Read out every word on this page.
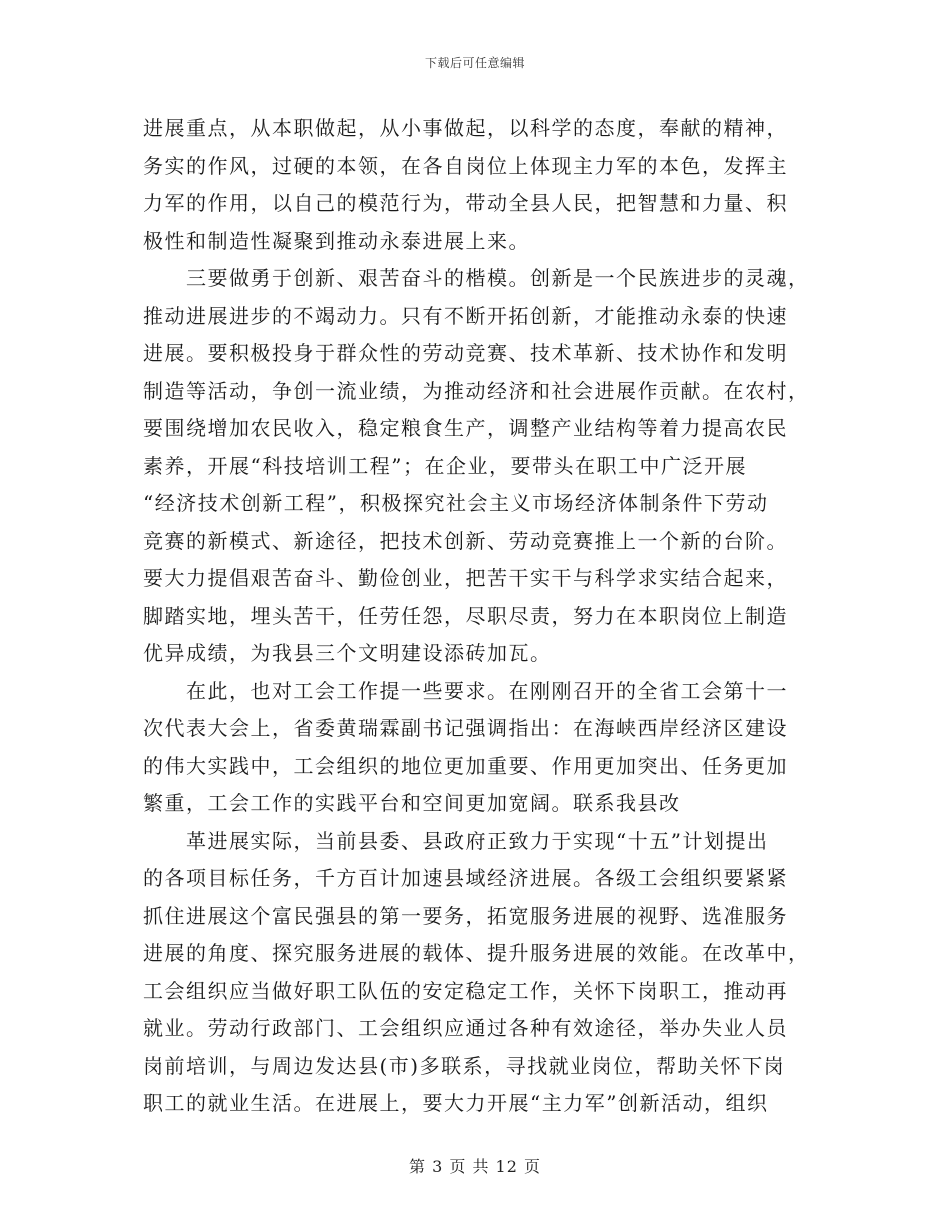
下载后可任意编辑
进展重点，从本职做起，从小事做起，以科学的态度，奉献的精神，
务实的作风，过硬的本领，在各自岗位上体现主力军的本色，发挥主
力军的作用，以自己的模范行为，带动全县人民，把智慧和力量、积
极性和制造性凝聚到推动永泰进展上来。
　　三要做勇于创新、艰苦奋斗的楷模。创新是一个民族进步的灵魂，
推动进展进步的不竭动力。只有不断开拓创新，才能推动永泰的快速
进展。要积极投身于群众性的劳动竞赛、技术革新、技术协作和发明
制造等活动，争创一流业绩，为推动经济和社会进展作贡献。在农村，
要围绕增加农民收入，稳定粮食生产，调整产业结构等着力提高农民
素养，开展“科技培训工程”；在企业，要带头在职工中广泛开展
“经济技术创新工程”，积极探究社会主义市场经济体制条件下劳动
竞赛的新模式、新途径，把技术创新、劳动竞赛推上一个新的台阶。
要大力提倡艰苦奋斗、勤俭创业，把苦干实干与科学求实结合起来，
脚踏实地，埋头苦干，任劳任怨，尽职尽责，努力在本职岗位上制造
优异成绩，为我县三个文明建设添砖加瓦。
　　在此，也对工会工作提一些要求。在刚刚召开的全省工会第十一
次代表大会上，省委黄瑞霖副书记强调指出：在海峡西岸经济区建设
的伟大实践中，工会组织的地位更加重要、作用更加突出、任务更加
繁重，工会工作的实践平台和空间更加宽阔。联系我县改
　　革进展实际，当前县委、县政府正致力于实现“十五”计划提出
的各项目标任务，千方百计加速县域经济进展。各级工会组织要紧紧
抓住进展这个富民强县的第一要务，拓宽服务进展的视野、选准服务
进展的角度、探究服务进展的载体、提升服务进展的效能。在改革中，
工会组织应当做好职工队伍的安定稳定工作，关怀下岗职工，推动再
就业。劳动行政部门、工会组织应通过各种有效途径，举办失业人员
岗前培训，与周边发达县(市)多联系，寻找就业岗位，帮助关怀下岗
职工的就业生活。在进展上，要大力开展“主力军”创新活动，组织
第 3 页 共 12 页
